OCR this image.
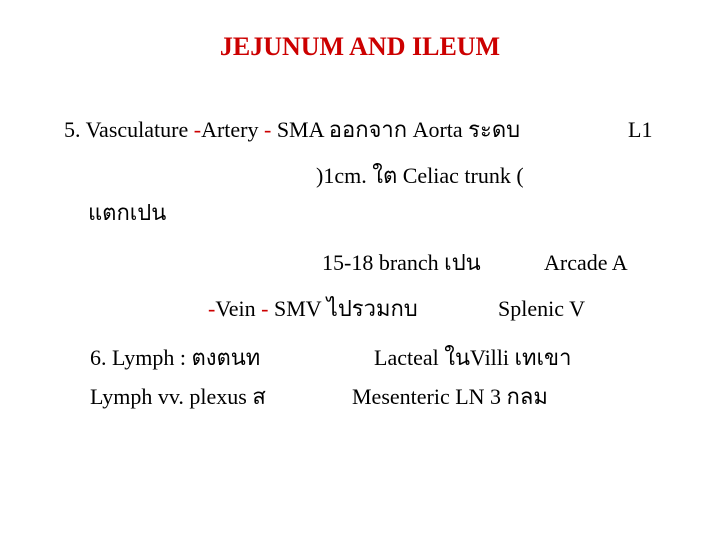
JEJUNUM AND ILEUM
5. Vasculature -Artery - SMA ออกจาก Aorta ระดบ	L1
)1cm. ใต Celiac trunk (
แตกเปน
15-18 branch เปน	Arcade A
-Vein - SMV ไปรวมกบ	Splenic V
6. Lymph : ตงตนท	Lacteal ในVilli เทเขา
Lymph vv. plexus ส	Mesenteric LN 3 กลม
